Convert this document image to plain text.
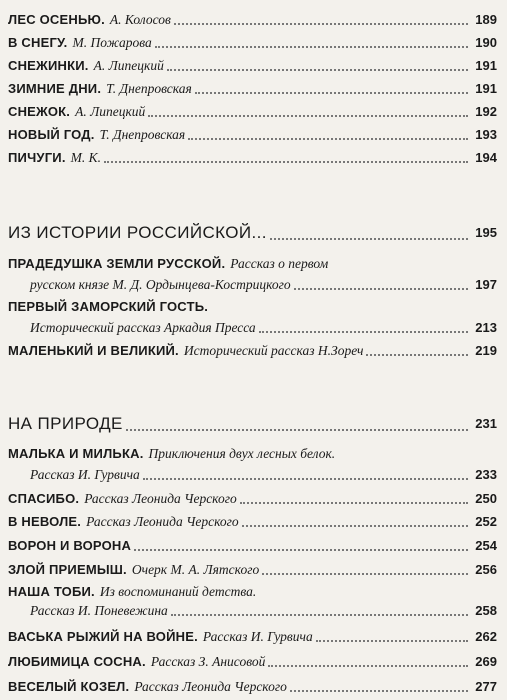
ЛЕС ОСЕНЬЮ. А. Колосов	189
В СНЕГУ. М. Пожарова	190
СНЕЖИНКИ. А. Липецкий	191
ЗИМНИЕ ДНИ. Т. Днепровская	191
СНЕЖОК. А. Липецкий	192
НОВЫЙ ГОД. Т. Днепровская	193
ПИЧУГИ. М. К.	194
ИЗ ИСТОРИИ РОССИЙСКОЙ...	195
ПРАДЕДУШКА ЗЕМЛИ РУССКОЙ. Рассказ о первом
русском князе М. Д. Ордынцева-Кострицкого	197
ПЕРВЫЙ ЗАМОРСКИЙ ГОСТЬ.
Исторический рассказ Аркадия Пресса	213
МАЛЕНЬКИЙ И ВЕЛИКИЙ. Исторический рассказ Н.Зореч	219
НА ПРИРОДЕ	231
МАЛЬКА И МИЛЬКА. Приключения двух лесных белок.
Рассказ И. Гурвича	233
СПАСИБО. Рассказ Леонида Черского	250
В НЕВОЛЕ. Рассказ Леонида Черского	252
ВОРОН И ВОРОНА	254
ЗЛОЙ ПРИЕМЫШ. Очерк М. А. Лятского	256
НАША ТОБИ. Из воспоминаний детства.
Рассказ И. Поневежина	258
ВАСЬКА РЫЖИЙ НА ВОЙНЕ. Рассказ И. Гурвича	262
ЛЮБИМИЦА СОСНА. Рассказ З. Анисовой	269
ВЕСЕЛЫЙ КОЗЕЛ. Рассказ Леонида Черского	277
